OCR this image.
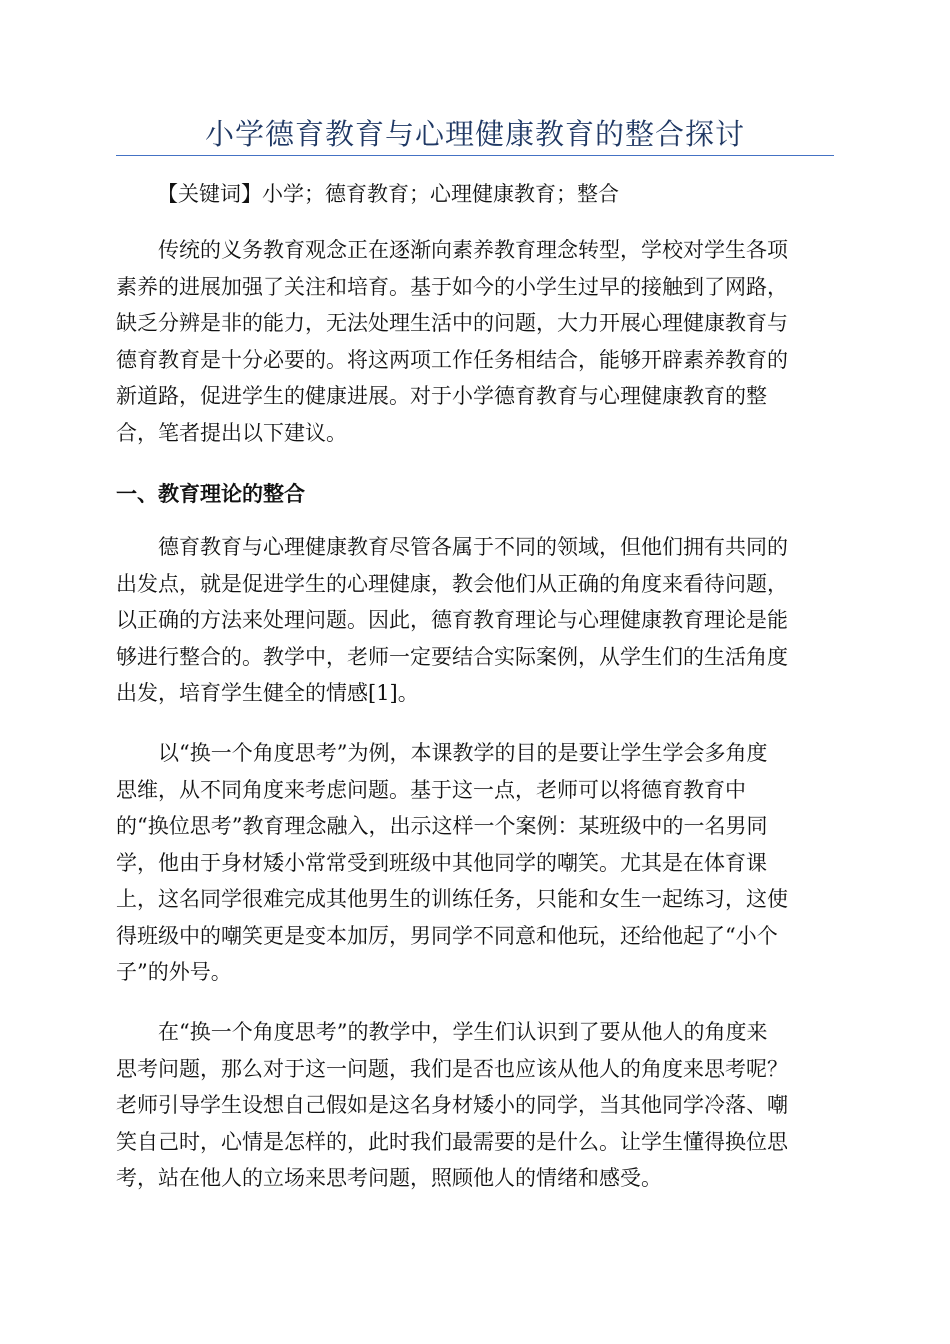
小学德育教育与心理健康教育的整合探讨
【关键词】小学；德育教育；心理健康教育；整合
传统的义务教育观念正在逐渐向素养教育理念转型，学校对学生各项
素养的进展加强了关注和培育。基于如今的小学生过早的接触到了网路，
缺乏分辨是非的能力，无法处理生活中的问题，大力开展心理健康教育与
德育教育是十分必要的。将这两项工作任务相结合，能够开辟素养教育的
新道路，促进学生的健康进展。对于小学德育教育与心理健康教育的整
合，笔者提出以下建议。
一、教育理论的整合
德育教育与心理健康教育尽管各属于不同的领域，但他们拥有共同的
出发点，就是促进学生的心理健康，教会他们从正确的角度来看待问题，
以正确的方法来处理问题。因此，德育教育理论与心理健康教育理论是能
够进行整合的。教学中，老师一定要结合实际案例，从学生们的生活角度
出发，培育学生健全的情感[1]。
以“换一个角度思考”为例，本课教学的目的是要让学生学会多角度
思维，从不同角度来考虑问题。基于这一点，老师可以将德育教育中
的“换位思考”教育理念融入，出示这样一个案例：某班级中的一名男同
学，他由于身材矮小常常受到班级中其他同学的嘲笑。尤其是在体育课
上，这名同学很难完成其他男生的训练任务，只能和女生一起练习，这使
得班级中的嘲笑更是变本加厉，男同学不同意和他玩，还给他起了“小个
子”的外号。
在“换一个角度思考”的教学中，学生们认识到了要从他人的角度来
思考问题，那么对于这一问题，我们是否也应该从他人的角度来思考呢？
老师引导学生设想自己假如是这名身材矮小的同学，当其他同学冷落、嘲
笑自己时，心情是怎样的，此时我们最需要的是什么。让学生懂得换位思
考，站在他人的立场来思考问题，照顾他人的情绪和感受。
